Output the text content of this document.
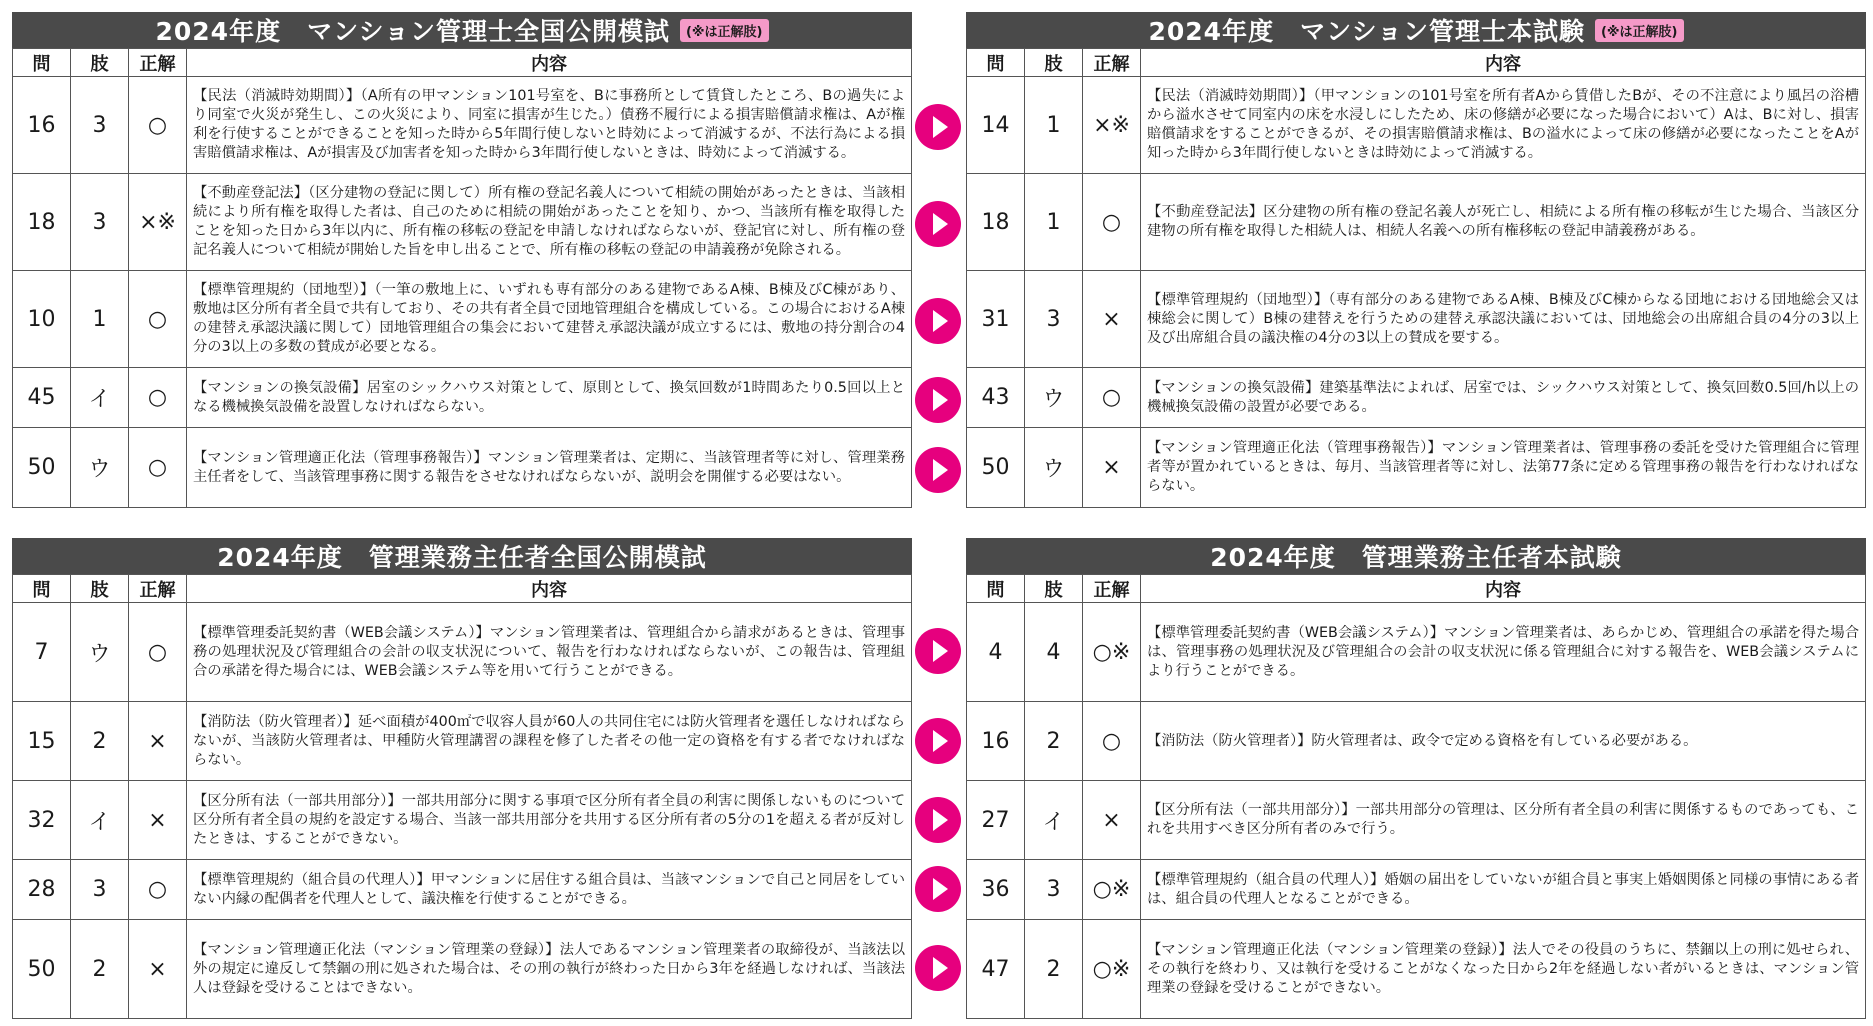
2024年度　マンション管理士全国公開模試	(※は正解肢)
問	肢	正解	内容
16	3	○	【民法（消滅時効期間）】（A所有の甲マンション101号室を、Bに事務所として賃貸したところ、Bの過失により同室で火災が発生し、この火災により、同室に損害が生じた。）債務不履行による損害賠償請求権は、Aが権利を行使することができることを知った時から5年間行使しないと時効によって消滅するが、不法行為による損害賠償請求権は、Aが損害及び加害者を知った時から3年間行使しないときは、時効によって消滅する。
18	3	×※	【不動産登記法】（区分建物の登記に関して）所有権の登記名義人について相続の開始があったときは、当該相続により所有権を取得した者は、自己のために相続の開始があったことを知り、かつ、当該所有権を取得したことを知った日から3年以内に、所有権の移転の登記を申請しなければならないが、登記官に対し、所有権の登記名義人について相続が開始した旨を申し出ることで、所有権の移転の登記の申請義務が免除される。
10	1	○	【標準管理規約（団地型）】（一筆の敷地上に、いずれも専有部分のある建物であるA棟、B棟及びC棟があり、敷地は区分所有者全員で共有しており、その共有者全員で団地管理組合を構成している。この場合におけるA棟の建替え承認決議に関して）団地管理組合の集会において建替え承認決議が成立するには、敷地の持分割合の4分の3以上の多数の賛成が必要となる。
45	イ	○	【マンションの換気設備】居室のシックハウス対策として、原則として、換気回数が1時間あたり0.5回以上となる機械換気設備を設置しなければならない。
50	ウ	○	【マンション管理適正化法（管理事務報告）】マンション管理業者は、定期に、当該管理者等に対し、管理業務主任者をして、当該管理事務に関する報告をさせなければならないが、説明会を開催する必要はない。
2024年度　マンション管理士本試験	(※は正解肢)
問	肢	正解	内容
14	1	×※	【民法（消滅時効期間）】（甲マンションの101号室を所有者Aから賃借したBが、その不注意により風呂の浴槽から溢水させて同室内の床を水浸しにしたため、床の修繕が必要になった場合において）Aは、Bに対し、損害賠償請求をすることができるが、その損害賠償請求権は、Bの溢水によって床の修繕が必要になったことをAが知った時から3年間行使しないときは時効によって消滅する。
18	1	○	【不動産登記法】区分建物の所有権の登記名義人が死亡し、相続による所有権の移転が生じた場合、当該区分建物の所有権を取得した相続人は、相続人名義への所有権移転の登記申請義務がある。
31	3	×	【標準管理規約（団地型）】（専有部分のある建物であるA棟、B棟及びC棟からなる団地における団地総会又は棟総会に関して）B棟の建替えを行うための建替え承認決議においては、団地総会の出席組合員の4分の3以上及び出席組合員の議決権の4分の3以上の賛成を要する。
43	ウ	○	【マンションの換気設備】建築基準法によれば、居室では、シックハウス対策として、換気回数0.5回/h以上の機械換気設備の設置が必要である。
50	ウ	×	【マンション管理適正化法（管理事務報告）】マンション管理業者は、管理事務の委託を受けた管理組合に管理者等が置かれているときは、毎月、当該管理者等に対し、法第77条に定める管理事務の報告を行わなければならない。
2024年度　管理業務主任者全国公開模試
問	肢	正解	内容
7	ウ	○	【標準管理委託契約書（WEB会議システム）】マンション管理業者は、管理組合から請求があるときは、管理事務の処理状況及び管理組合の会計の収支状況について、報告を行わなければならないが、この報告は、管理組合の承諾を得た場合には、WEB会議システム等を用いて行うことができる。
15	2	×	【消防法（防火管理者）】延べ面積が400㎡で収容人員が60人の共同住宅には防火管理者を選任しなければならないが、当該防火管理者は、甲種防火管理講習の課程を修了した者その他一定の資格を有する者でなければならない。
32	イ	×	【区分所有法（一部共用部分）】一部共用部分に関する事項で区分所有者全員の利害に関係しないものについて区分所有者全員の規約を設定する場合、当該一部共用部分を共用する区分所有者の5分の1を超える者が反対したときは、することができない。
28	3	○	【標準管理規約（組合員の代理人）】甲マンションに居住する組合員は、当該マンションで自己と同居をしていない内縁の配偶者を代理人として、議決権を行使することができる。
50	2	×	【マンション管理適正化法（マンション管理業の登録）】法人であるマンション管理業者の取締役が、当該法以外の規定に違反して禁錮の刑に処された場合は、その刑の執行が終わった日から3年を経過しなければ、当該法人は登録を受けることはできない。
2024年度　管理業務主任者本試験
問	肢	正解	内容
4	4	○※	【標準管理委託契約書（WEB会議システム）】マンション管理業者は、あらかじめ、管理組合の承諾を得た場合は、管理事務の処理状況及び管理組合の会計の収支状況に係る管理組合に対する報告を、WEB会議システムにより行うことができる。
16	2	○	【消防法（防火管理者）】防火管理者は、政令で定める資格を有している必要がある。
27	イ	×	【区分所有法（一部共用部分）】一部共用部分の管理は、区分所有者全員の利害に関係するものであっても、これを共用すべき区分所有者のみで行う。
36	3	○※	【標準管理規約（組合員の代理人）】婚姻の届出をしていないが組合員と事実上婚姻関係と同様の事情にある者は、組合員の代理人となることができる。
47	2	○※	【マンション管理適正化法（マンション管理業の登録）】法人でその役員のうちに、禁錮以上の刑に処せられ、その執行を終わり、又は執行を受けることがなくなった日から2年を経過しない者がいるときは、マンション管理業の登録を受けることができない。
